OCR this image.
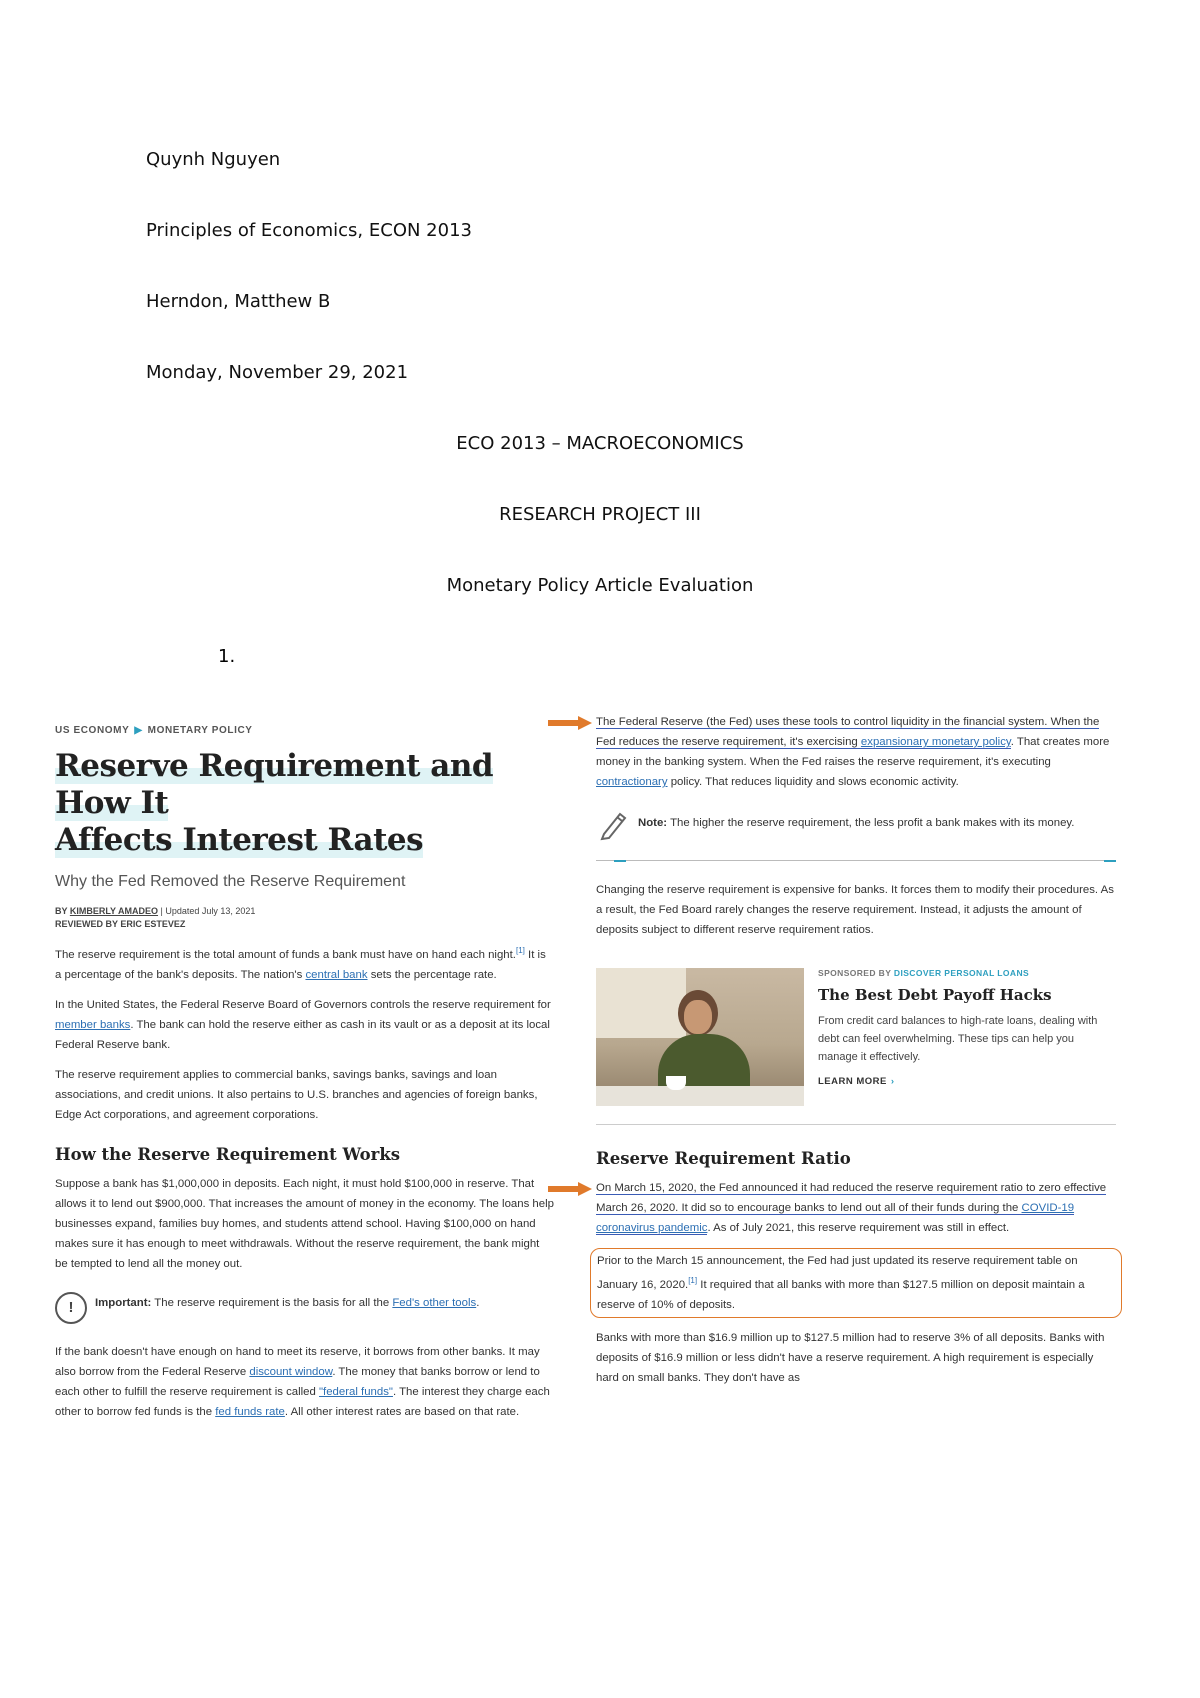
Quynh Nguyen
Principles of Economics, ECON 2013
Herndon, Matthew B
Monday, November 29, 2021
ECO 2013 – MACROECONOMICS
RESEARCH PROJECT III
Monetary Policy Article Evaluation
1.
US ECONOMY ▶ MONETARY POLICY
Reserve Requirement and How It
Affects Interest Rates
Why the Fed Removed the Reserve Requirement
BY KIMBERLY AMADEO | Updated July 13, 2021
REVIEWED BY ERIC ESTEVEZ

The reserve requirement is the total amount of funds a bank must have on hand each night.[1] It is a percentage of the bank's deposits. The nation's central bank sets the percentage rate.

In the United States, the Federal Reserve Board of Governors controls the reserve requirement for member banks. The bank can hold the reserve either as cash in its vault or as a deposit at its local Federal Reserve bank.

The reserve requirement applies to commercial banks, savings banks, savings and loan associations, and credit unions. It also pertains to U.S. branches and agencies of foreign banks, Edge Act corporations, and agreement corporations.

How the Reserve Requirement Works

Suppose a bank has $1,000,000 in deposits. Each night, it must hold $100,000 in reserve. That allows it to lend out $900,000. That increases the amount of money in the economy. The loans help businesses expand, families buy homes, and students attend school. Having $100,000 on hand makes sure it has enough to meet withdrawals. Without the reserve requirement, the bank might be tempted to lend all the money out.

!	Important: The reserve requirement is the basis for all the Fed's other tools.

If the bank doesn't have enough on hand to meet its reserve, it borrows from other banks. It may also borrow from the Federal Reserve discount window. The money that banks borrow or lend to each other to fulfill the reserve requirement is called "federal funds". The interest they charge each other to borrow fed funds is the fed funds rate. All other interest rates are based on that rate.

The Federal Reserve (the Fed) uses these tools to control liquidity in the financial system. When the Fed reduces the reserve requirement, it's exercising expansionary monetary policy. That creates more money in the banking system. When the Fed raises the reserve requirement, it's executing contractionary policy. That reduces liquidity and slows economic activity.

Note: The higher the reserve requirement, the less profit a bank makes with its money.

Changing the reserve requirement is expensive for banks. It forces them to modify their procedures. As a result, the Fed Board rarely changes the reserve requirement. Instead, it adjusts the amount of deposits subject to different reserve requirement ratios.

SPONSORED BY DISCOVER PERSONAL LOANS
The Best Debt Payoff Hacks
From credit card balances to high-rate loans, dealing with debt can feel overwhelming. These tips can help you manage it effectively.
LEARN MORE ›
Reserve Requirement Ratio

On March 15, 2020, the Fed announced it had reduced the reserve requirement ratio to zero effective March 26, 2020. It did so to encourage banks to lend out all of their funds during the COVID-19 coronavirus pandemic. As of July 2021, this reserve requirement was still in effect.

Prior to the March 15 announcement, the Fed had just updated its reserve requirement table on January 16, 2020.[1] It required that all banks with more than $127.5 million on deposit maintain a reserve of 10% of deposits.

Banks with more than $16.9 million up to $127.5 million had to reserve 3% of all deposits. Banks with deposits of $16.9 million or less didn't have a reserve requirement. A high requirement is especially hard on small banks. They don't have as
